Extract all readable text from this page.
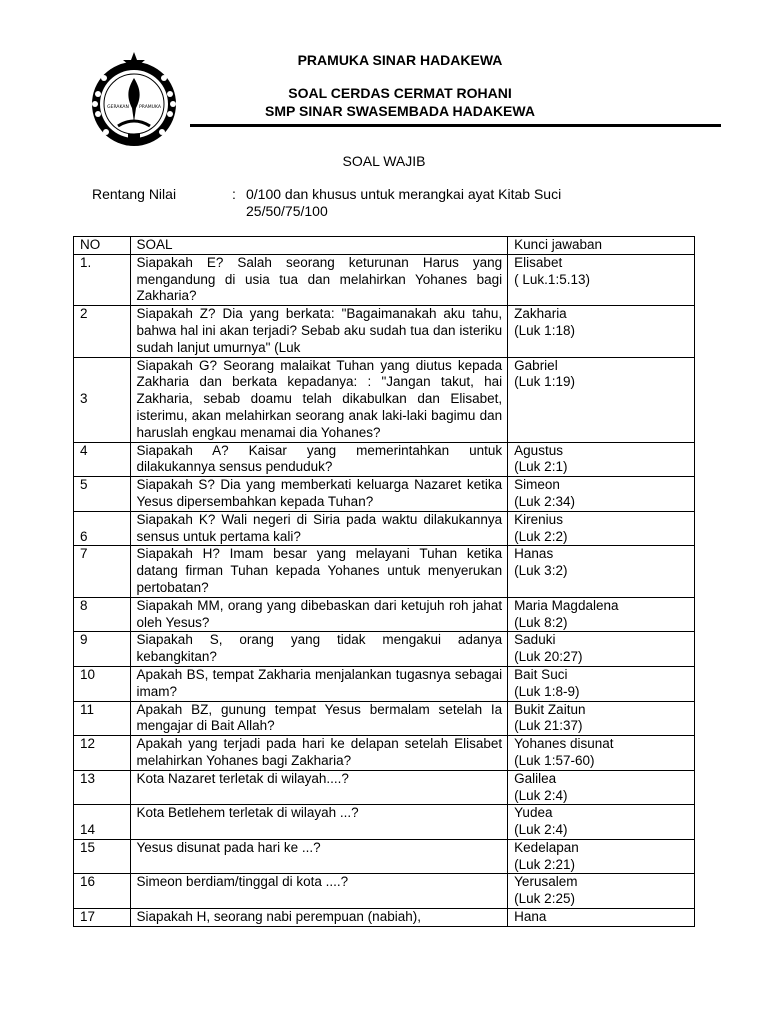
GERAKAN PRAMUKA
PRAMUKA SINAR HADAKEWA
SOAL CERDAS CERMAT ROHANI
SMP SINAR SWASEMBADA HADAKEWA
SOAL WAJIB
Rentang Nilai	: 0/100 dan khusus untuk merangkai ayat Kitab Suci
25/50/75/100
NO	SOAL	Kunci jawaban
1.	Siapakah E? Salah seorang keturunan Harus yang mengandung di usia tua dan melahirkan Yohanes bagi Zakharia?	Elisabet
( Luk.1:5.13)

2	Siapakah Z? Dia yang berkata: "Bagaimanakah aku tahu, bahwa hal ini akan terjadi? Sebab aku sudah tua dan isteriku sudah lanjut umurnya" (Luk	Zakharia
(Luk 1:18)

3	Siapakah G? Seorang malaikat Tuhan yang diutus kepada Zakharia dan berkata kepadanya: : "Jangan takut, hai Zakharia, sebab doamu telah dikabulkan dan Elisabet, isterimu, akan melahirkan seorang anak laki-laki bagimu dan haruslah engkau menamai dia Yohanes?	Gabriel
(Luk 1:19)

4	Siapakah A? Kaisar yang memerintahkan untuk dilakukannya sensus penduduk?	Agustus
(Luk 2:1)

5	Siapakah S? Dia yang memberkati keluarga Nazaret ketika Yesus dipersembahkan kepada Tuhan?	Simeon
(Luk 2:34)

6	Siapakah K? Wali negeri di Siria pada waktu dilakukannya sensus untuk pertama kali?	Kirenius
(Luk 2:2)

7	Siapakah H? Imam besar yang melayani Tuhan ketika datang firman Tuhan kepada Yohanes untuk menyerukan pertobatan?	Hanas
(Luk 3:2)

8	Siapakah MM, orang yang dibebaskan dari ketujuh roh jahat oleh Yesus?	Maria Magdalena
(Luk 8:2)

9	Siapakah S, orang yang tidak mengakui adanya kebangkitan?	Saduki
(Luk 20:27)

10	Apakah BS, tempat Zakharia menjalankan tugasnya sebagai imam?	Bait Suci
(Luk 1:8-9)

11	Apakah BZ, gunung tempat Yesus bermalam setelah Ia mengajar di Bait Allah?	Bukit Zaitun
(Luk 21:37)

12	Apakah yang terjadi pada hari ke delapan setelah Elisabet melahirkan Yohanes bagi Zakharia?	Yohanes disunat
(Luk 1:57-60)

13	Kota Nazaret terletak di wilayah....?	Galilea
(Luk 2:4)

14	Kota Betlehem terletak di wilayah ...?	Yudea
(Luk 2:4)

15	Yesus disunat pada hari ke ...?	Kedelapan
(Luk 2:21)

16	Simeon berdiam/tinggal di kota ....?	Yerusalem
(Luk 2:25)

17	Siapakah H, seorang nabi perempuan (nabiah),	Hana
